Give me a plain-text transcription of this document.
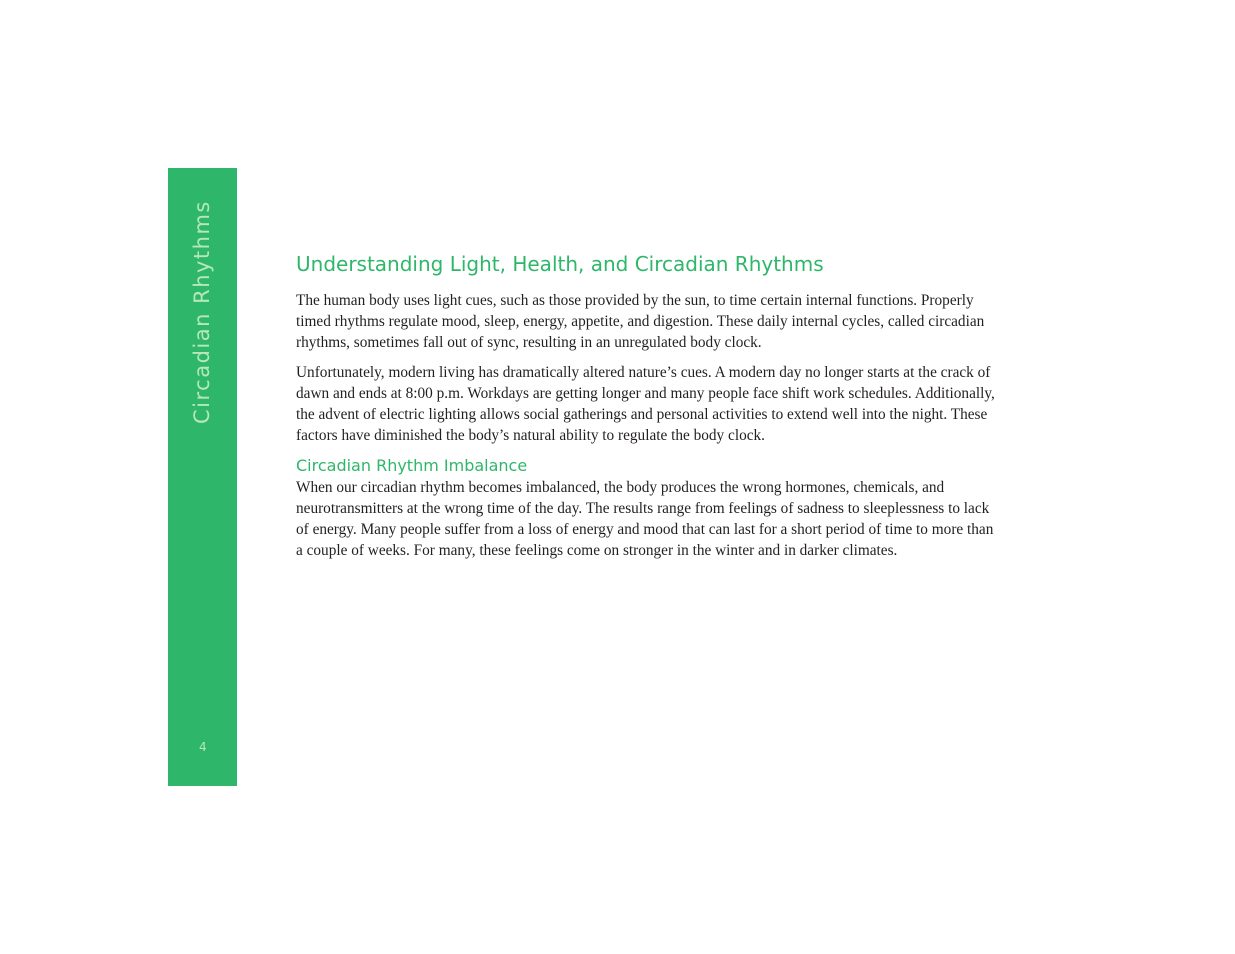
Circadian Rhythms
4
Understanding Light, Health, and Circadian Rhythms

The human body uses light cues, such as those provided by the sun, to time certain internal functions. Properly timed rhythms regulate mood, sleep, energy, appetite, and digestion. These daily internal cycles, called circadian rhythms, sometimes fall out of sync, resulting in an unregulated body clock.

Unfortunately, modern living has dramatically altered nature’s cues. A modern day no longer starts at the crack of dawn and ends at 8:00 p.m. Workdays are getting longer and many people face shift work schedules. Additionally, the advent of electric lighting allows social gatherings and personal activities to extend well into the night. These factors have diminished the body’s natural ability to regulate the body clock.

Circadian Rhythm Imbalance

When our circadian rhythm becomes imbalanced, the body produces the wrong hormones, chemicals, and neurotransmitters at the wrong time of the day. The results range from feelings of sadness to sleeplessness to lack of energy. Many people suffer from a loss of energy and mood that can last for a short period of time to more than a couple of weeks. For many, these feelings come on stronger in the winter and in darker climates.
